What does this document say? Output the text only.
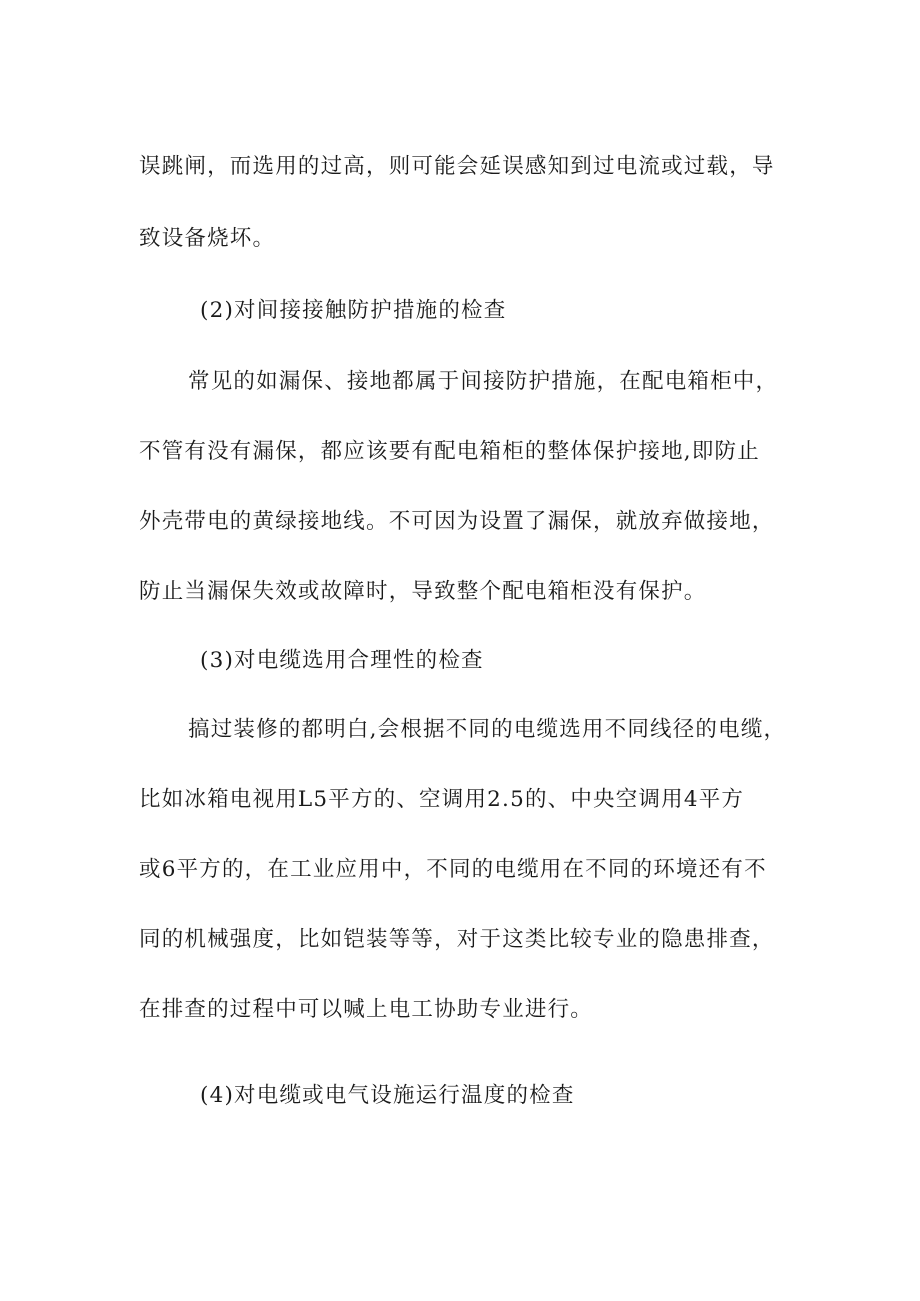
误跳闸，而选用的过高，则可能会延误感知到过电流或过载，导
致设备烧坏。
(2)对间接接触防护措施的检查
常见的如漏保、接地都属于间接防护措施，在配电箱柜中，
不管有没有漏保，都应该要有配电箱柜的整体保护接地,即防止
外壳带电的黄绿接地线。不可因为设置了漏保，就放弃做接地，
防止当漏保失效或故障时，导致整个配电箱柜没有保护。
(3)对电缆选用合理性的检查
搞过装修的都明白,会根据不同的电缆选用不同线径的电缆，
比如冰箱电视用L5平方的、空调用2.5的、中央空调用4平方
或6平方的，在工业应用中，不同的电缆用在不同的环境还有不
同的机械强度，比如铠装等等，对于这类比较专业的隐患排查，
在排查的过程中可以喊上电工协助专业进行。
(4)对电缆或电气设施运行温度的检查
